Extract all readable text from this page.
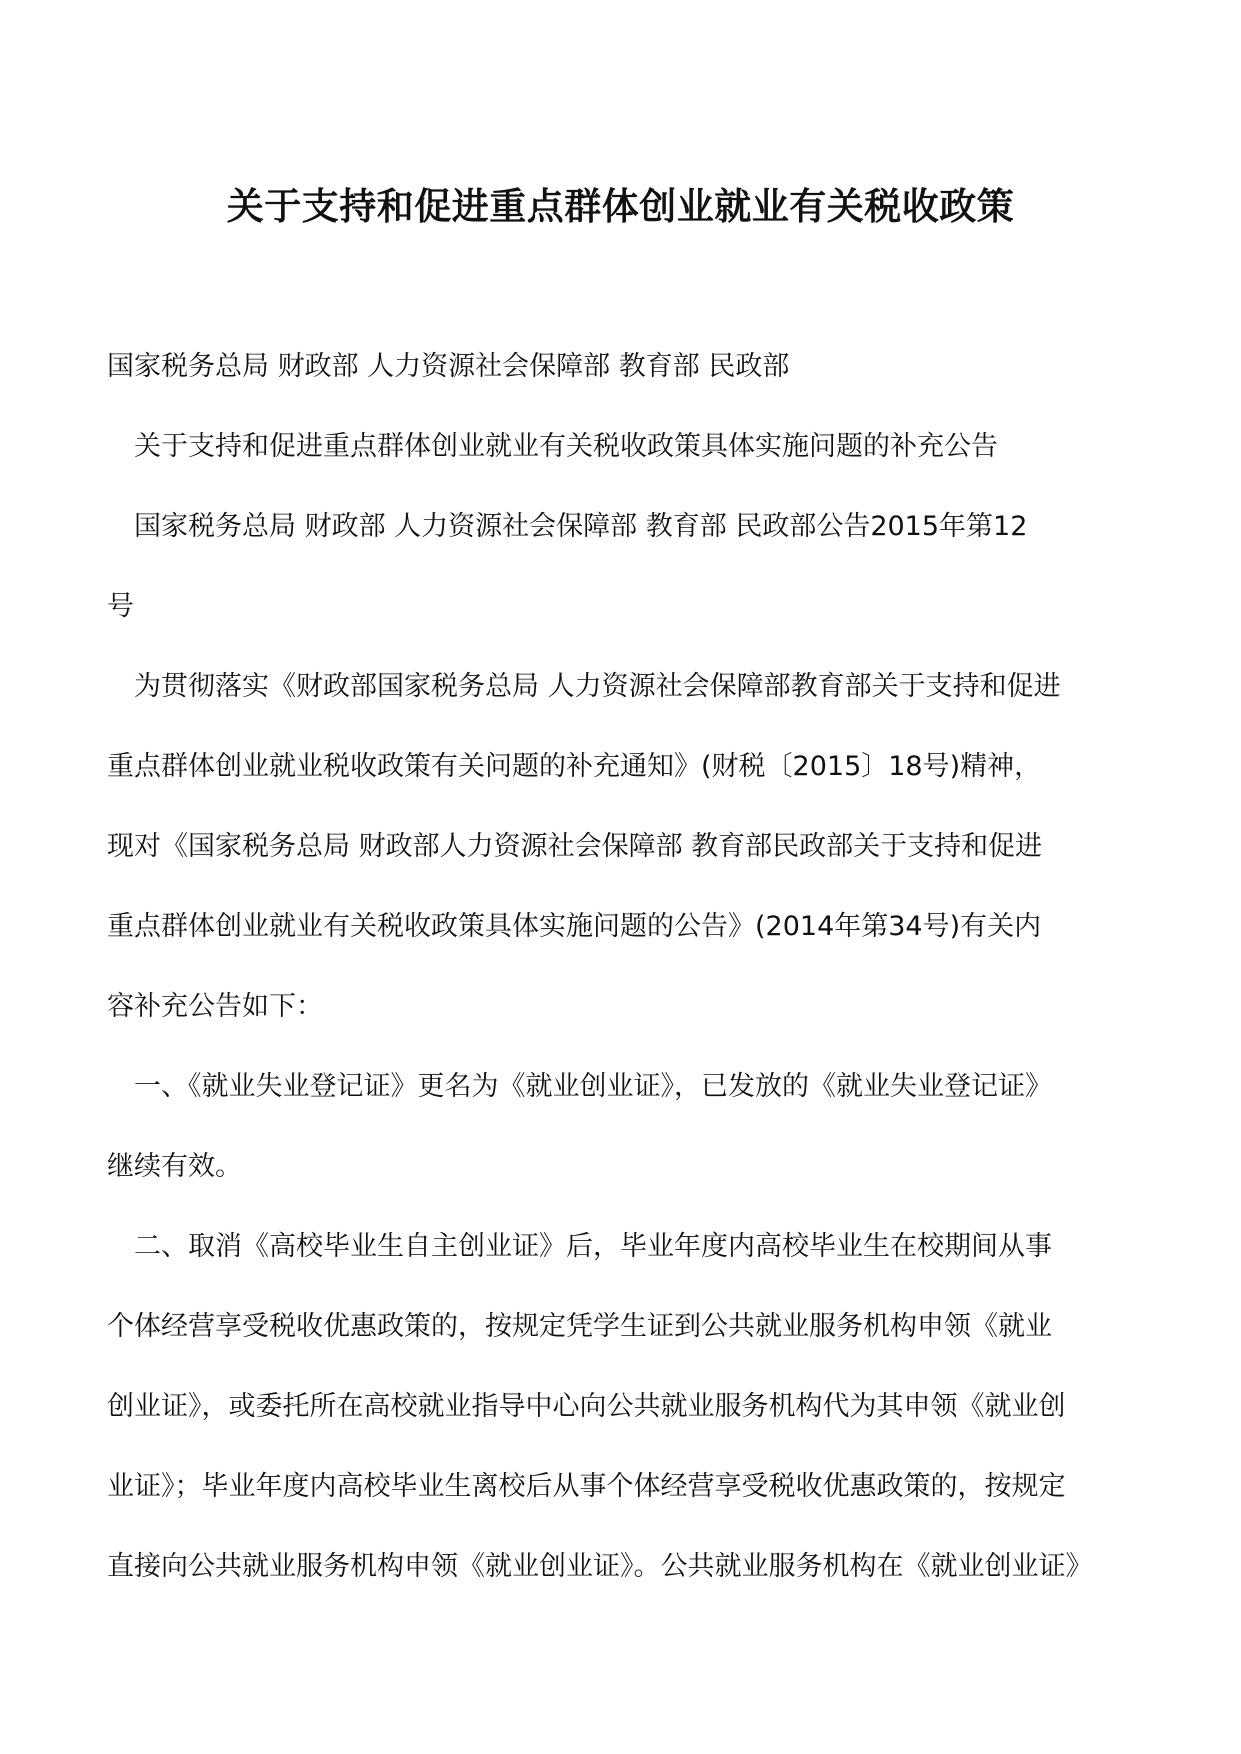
关于支持和促进重点群体创业就业有关税收政策
国家税务总局 财政部 人力资源社会保障部 教育部 民政部
　关于支持和促进重点群体创业就业有关税收政策具体实施问题的补充公告
　国家税务总局 财政部 人力资源社会保障部 教育部 民政部公告2015年第12
号
　为贯彻落实《财政部国家税务总局 人力资源社会保障部教育部关于支持和促进
重点群体创业就业税收政策有关问题的补充通知》(财税〔2015〕18号)精神，
现对《国家税务总局 财政部人力资源社会保障部 教育部民政部关于支持和促进
重点群体创业就业有关税收政策具体实施问题的公告》(2014年第34号)有关内
容补充公告如下：
　一、《就业失业登记证》更名为《就业创业证》，已发放的《就业失业登记证》
继续有效。
　二、取消《高校毕业生自主创业证》后，毕业年度内高校毕业生在校期间从事
个体经营享受税收优惠政策的，按规定凭学生证到公共就业服务机构申领《就业
创业证》，或委托所在高校就业指导中心向公共就业服务机构代为其申领《就业创
业证》；毕业年度内高校毕业生离校后从事个体经营享受税收优惠政策的，按规定
直接向公共就业服务机构申领《就业创业证》。公共就业服务机构在《就业创业证》
